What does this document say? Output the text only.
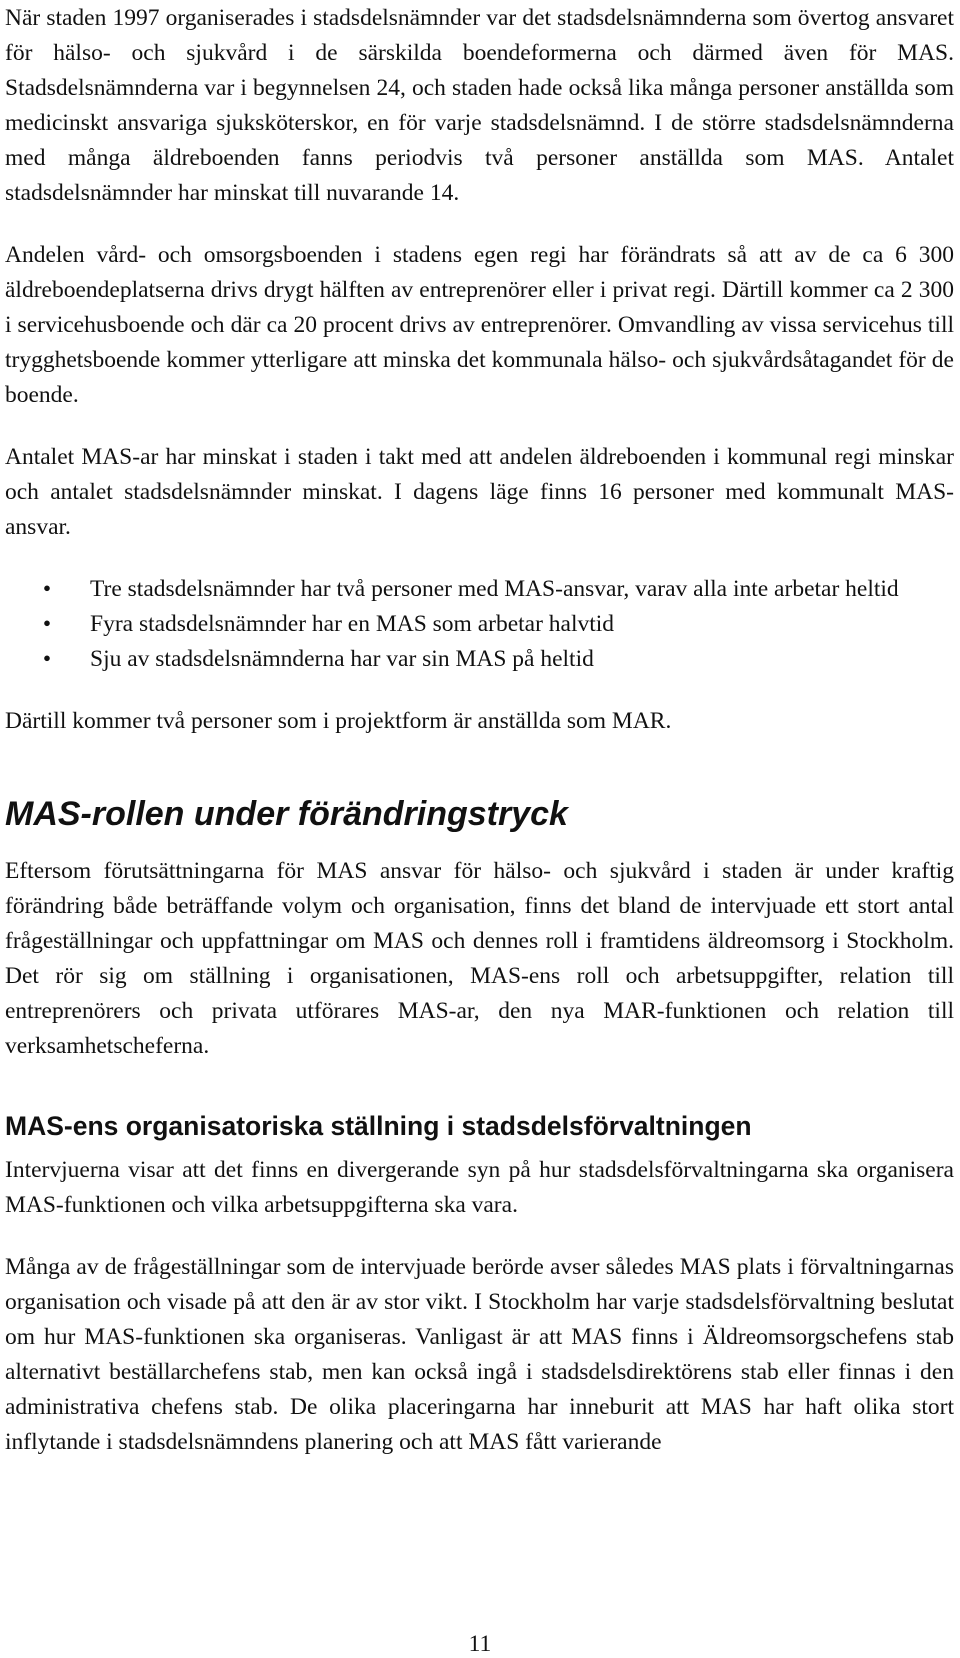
När staden 1997 organiserades i stadsdelsnämnder var det stadsdelsnämnderna som övertog ansvaret för hälso- och sjukvård i de särskilda boendeformerna och därmed även för MAS. Stadsdelsnämnderna var i begynnelsen 24, och staden hade också lika många personer anställda som medicinskt ansvariga sjuksköterskor, en för varje stadsdelsnämnd. I de större stadsdelsnämnderna med många äldreboenden fanns periodvis två personer anställda som MAS. Antalet stadsdelsnämnder har minskat till nuvarande 14.

Andelen vård- och omsorgsboenden i stadens egen regi har förändrats så att av de ca 6 300 äldreboendeplatserna drivs drygt hälften av entreprenörer eller i privat regi. Därtill kommer ca 2 300 i servicehusboende och där ca 20 procent drivs av entreprenörer. Omvandling av vissa servicehus till trygghetsboende kommer ytterligare att minska det kommunala hälso- och sjukvårdsåtagandet för de boende.

Antalet MAS-ar har minskat i staden i takt med att andelen äldreboenden i kommunal regi minskar och antalet stadsdelsnämnder minskat. I dagens läge finns 16 personer med kommunalt MAS-ansvar.

• Tre stadsdelsnämnder har två personer med MAS-ansvar, varav alla inte arbetar heltid
• Fyra stadsdelsnämnder har en MAS som arbetar halvtid
• Sju av stadsdelsnämnderna har var sin MAS på heltid

Därtill kommer två personer som i projektform är anställda som MAR.

MAS-rollen under förändringstryck

Eftersom förutsättningarna för MAS ansvar för hälso- och sjukvård i staden är under kraftig förändring både beträffande volym och organisation, finns det bland de intervjuade ett stort antal frågeställningar och uppfattningar om MAS och dennes roll i framtidens äldreomsorg i Stockholm. Det rör sig om ställning i organisationen, MAS-ens roll och arbetsuppgifter, relation till entreprenörers och privata utförares MAS-ar, den nya MAR-funktionen och relation till verksamhetscheferna.

MAS-ens organisatoriska ställning i stadsdelsförvaltningen

Intervjuerna visar att det finns en divergerande syn på hur stadsdelsförvaltningarna ska organisera MAS-funktionen och vilka arbetsuppgifterna ska vara.

Många av de frågeställningar som de intervjuade berörde avser således MAS plats i förvaltningarnas organisation och visade på att den är av stor vikt. I Stockholm har varje stadsdelsförvaltning beslutat om hur MAS-funktionen ska organiseras. Vanligast är att MAS finns i Äldreomsorgschefens stab alternativt beställarchefens stab, men kan också ingå i stadsdelsdirektörens stab eller finnas i den administrativa chefens stab. De olika placeringarna har inneburit att MAS har haft olika stort inflytande i stadsdelsnämndens planering och att MAS fått varierande

11
